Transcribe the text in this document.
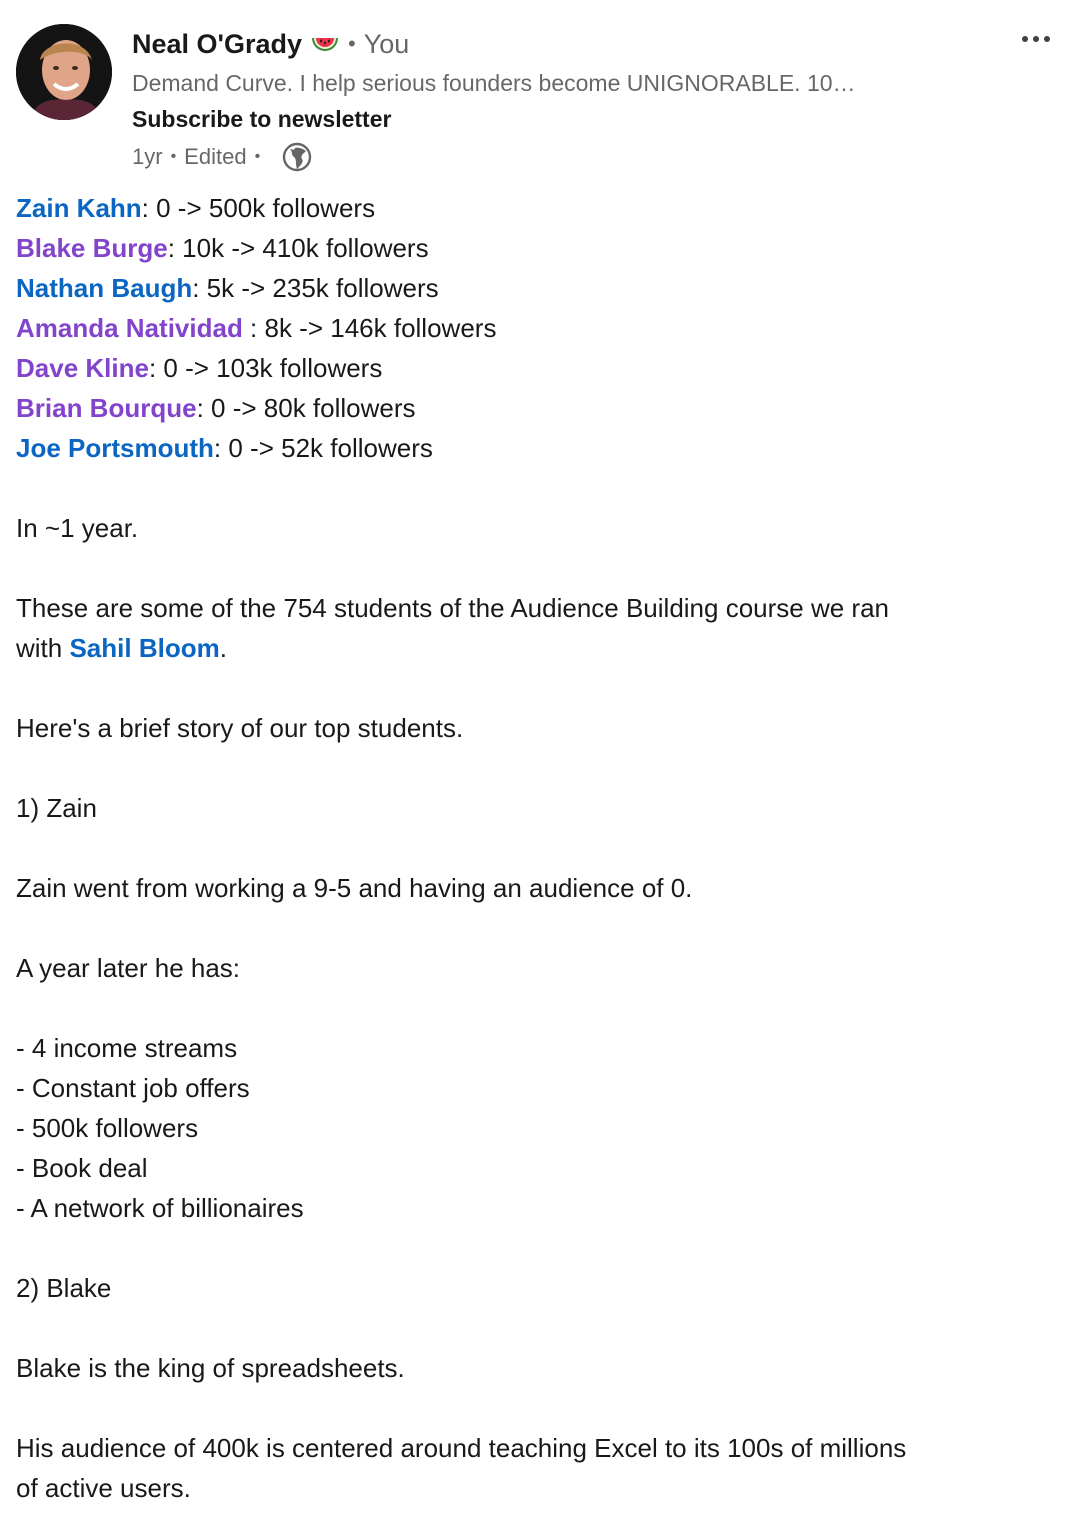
Neal O'Grady • You
Demand Curve. I help serious founders become UNIGNORABLE. 10…
Subscribe to newsletter
1yr • Edited •
Zain Kahn: 0 -> 500k followers
Blake Burge: 10k -> 410k followers
Nathan Baugh: 5k -> 235k followers
Amanda Natividad : 8k -> 146k followers
Dave Kline: 0 -> 103k followers
Brian Bourque: 0 -> 80k followers
Joe Portsmouth: 0 -> 52k followers
In ~1 year.
These are some of the 754 students of the Audience Building course we ran
with Sahil Bloom.
Here's a brief story of our top students.
1) Zain
Zain went from working a 9-5 and having an audience of 0.
A year later he has:
- 4 income streams
- Constant job offers
- 500k followers
- Book deal
- A network of billionaires
2) Blake
Blake is the king of spreadsheets.
His audience of 400k is centered around teaching Excel to its 100s of millions
of active users.
